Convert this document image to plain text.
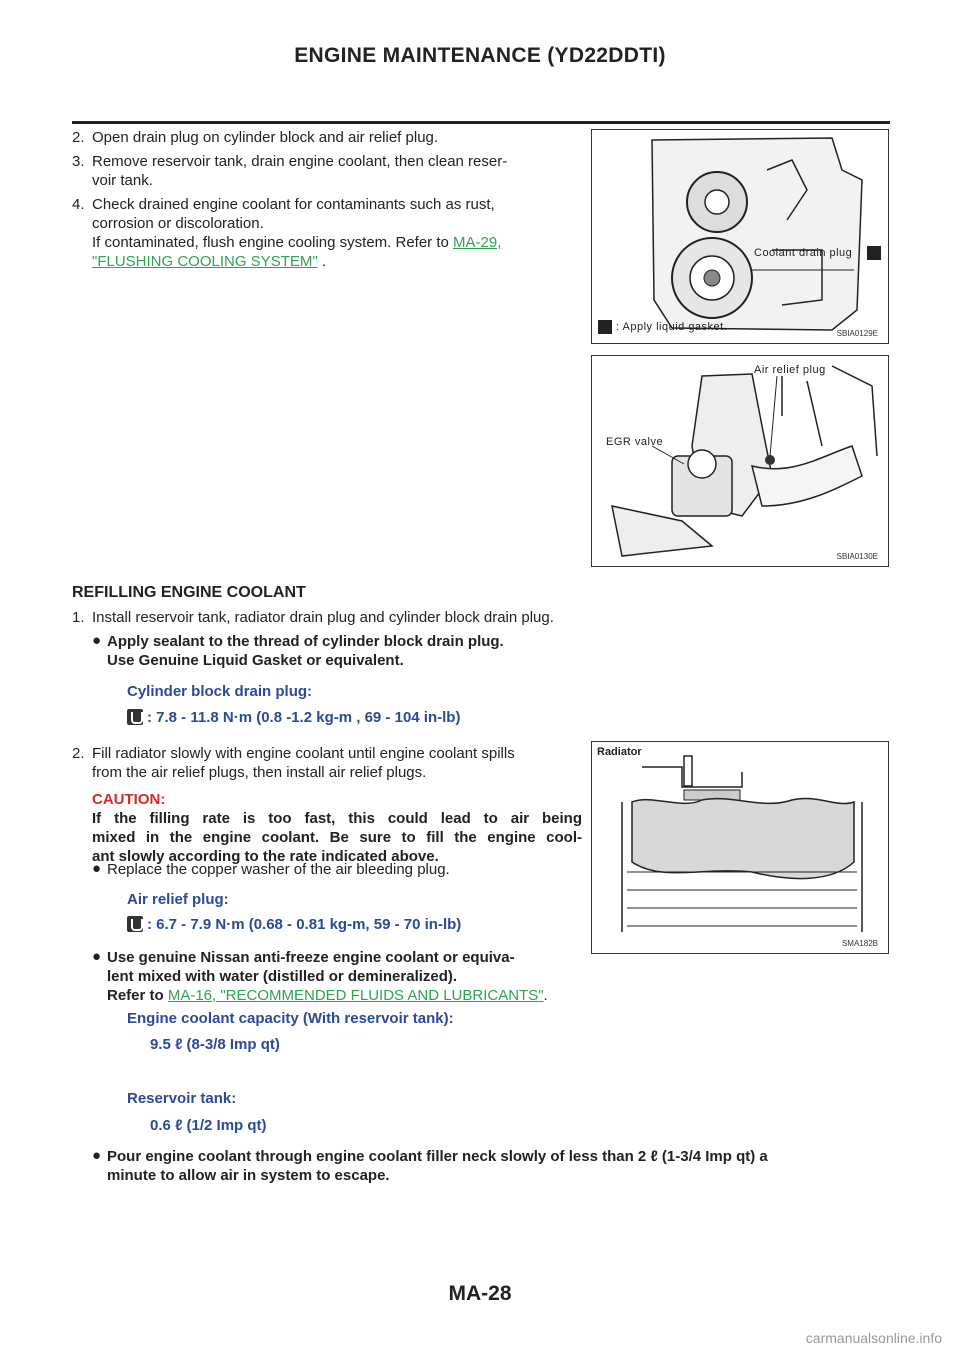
ENGINE MAINTENANCE (YD22DDTI)
2. Open drain plug on cylinder block and air relief plug.
3. Remove reservoir tank, drain engine coolant, then clean reser-
voir tank.
4. Check drained engine coolant for contaminants such as rust,
corrosion or discoloration.
If contaminated, flush engine cooling system. Refer to MA-29,
"FLUSHING COOLING SYSTEM" .	Coolant drain plug
: Apply liquid gasket.
SBIA0129E
Air relief plug
EGR valve
SBIA0130E
REFILLING ENGINE COOLANT
1. Install reservoir tank, radiator drain plug and cylinder block drain plug.
● Apply sealant to the thread of cylinder block drain plug.
Use Genuine Liquid Gasket or equivalent.
Cylinder block drain plug:
: 7.8 - 11.8 N·m (0.8 -1.2 kg-m , 69 - 104 in-lb)
2. Fill radiator slowly with engine coolant until engine coolant spills
from the air relief plugs, then install air relief plugs.
CAUTION:
If the filling rate is too fast, this could lead to air being
mixed in the engine coolant. Be sure to fill the engine cool-
ant slowly according to the rate indicated above.
● Replace the copper washer of the air bleeding plug.
Air relief plug:
: 6.7 - 7.9 N·m (0.68 - 0.81 kg-m, 59 - 70 in-lb)
Radiator
SMA182B
● Use genuine Nissan anti-freeze engine coolant or equiva-
lent mixed with water (distilled or demineralized).
Refer to MA-16, "RECOMMENDED FLUIDS AND LUBRICANTS".
Engine coolant capacity (With reservoir tank):
9.5 ℓ (8-3/8 Imp qt)
Reservoir tank:
0.6 ℓ (1/2 Imp qt)
● Pour engine coolant through engine coolant filler neck slowly of less than 2 ℓ (1-3/4 Imp qt) a
minute to allow air in system to escape.
MA-28
carmanualsonline.info
